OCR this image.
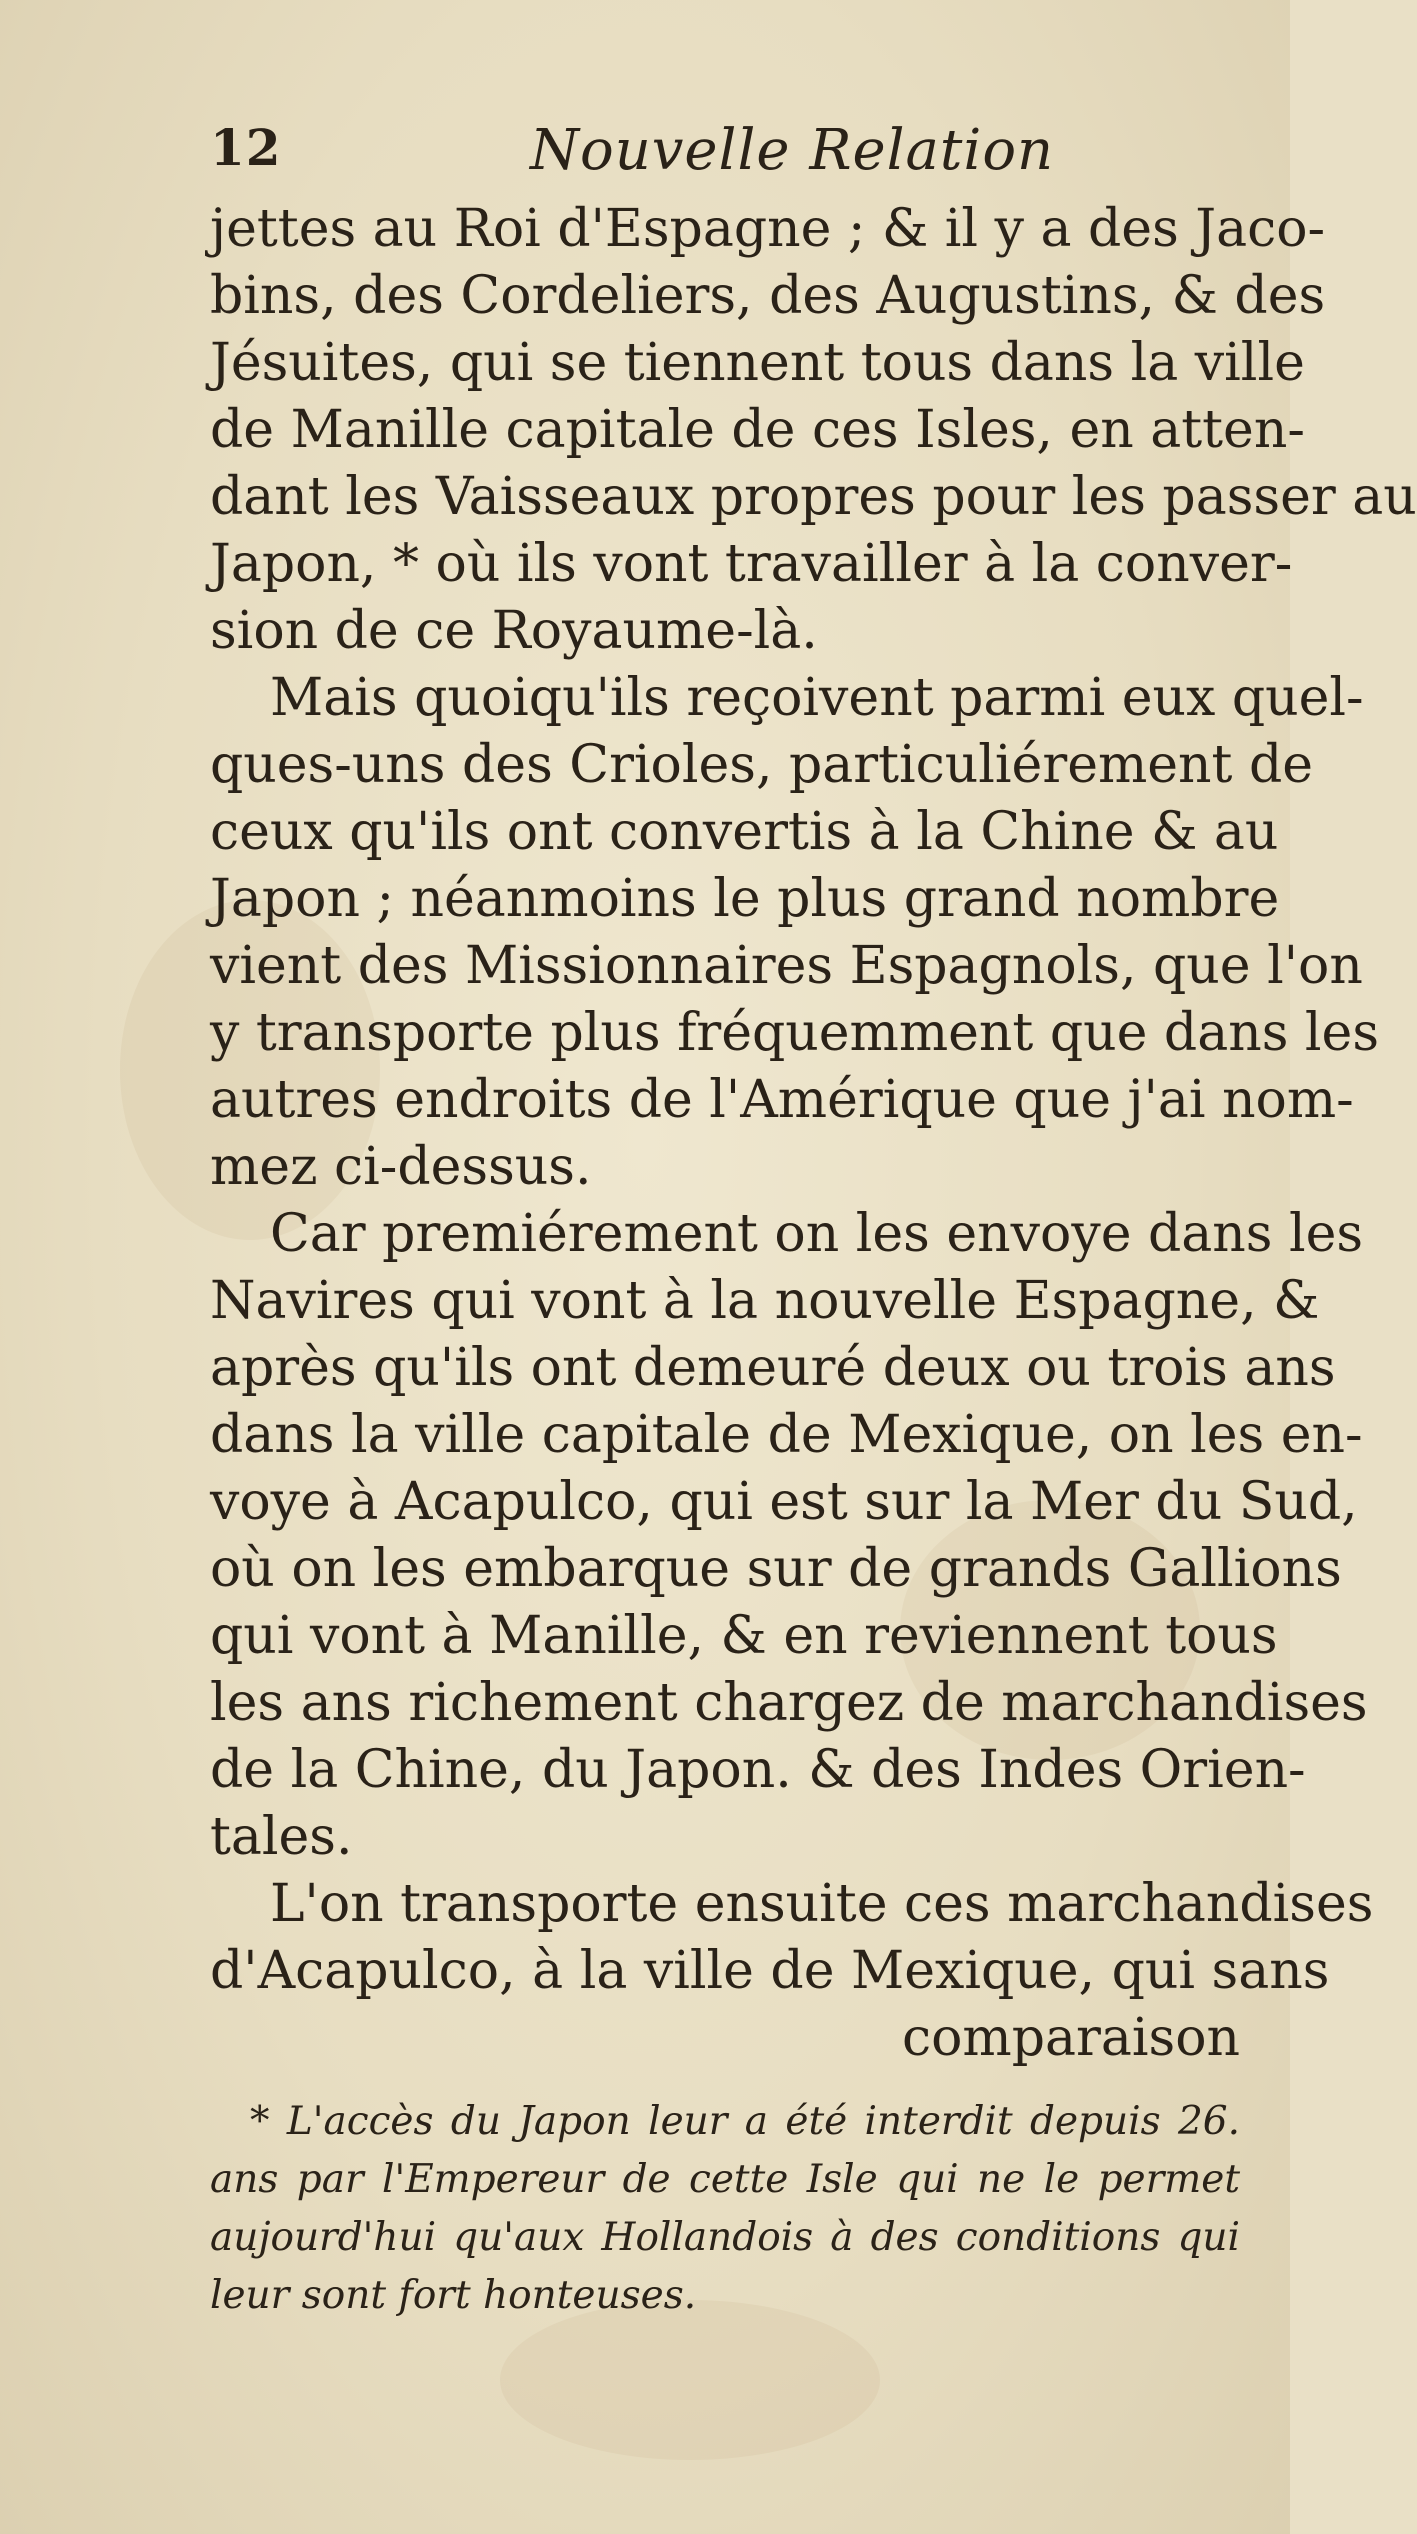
12	Nouvelle Relation
jettes au Roi d'Espagne ; & il y a des Jaco-
bins, des Cordeliers, des Augustins, & des
Jésuites, qui se tiennent tous dans la ville
de Manille capitale de ces Isles, en atten-
dant les Vaisseaux propres pour les passer au
Japon, * où ils vont travailler à la conver-
sion de ce Royaume-là.
Mais quoiqu'ils reçoivent parmi eux quel-
ques-uns des Crioles, particuliérement de
ceux qu'ils ont convertis à la Chine & au
Japon ; néanmoins le plus grand nombre
vient des Missionnaires Espagnols, que l'on
y transporte plus fréquemment que dans les
autres endroits de l'Amérique que j'ai nom-
mez ci-dessus.
Car premiérement on les envoye dans les
Navires qui vont à la nouvelle Espagne, &
après qu'ils ont demeuré deux ou trois ans
dans la ville capitale de Mexique, on les en-
voye à Acapulco, qui est sur la Mer du Sud,
où on les embarque sur de grands Gallions
qui vont à Manille, & en reviennent tous
les ans richement chargez de marchandises
de la Chine, du Japon. & des Indes Orien-
tales.
L'on transporte ensuite ces marchandises
d'Acapulco, à la ville de Mexique, qui sans
comparaison
* L'accès du Japon leur a été interdit depuis 26.
ans par l'Empereur de cette Isle qui ne le permet
aujourd'hui qu'aux Hollandois à des conditions qui
leur sont fort honteuses.
